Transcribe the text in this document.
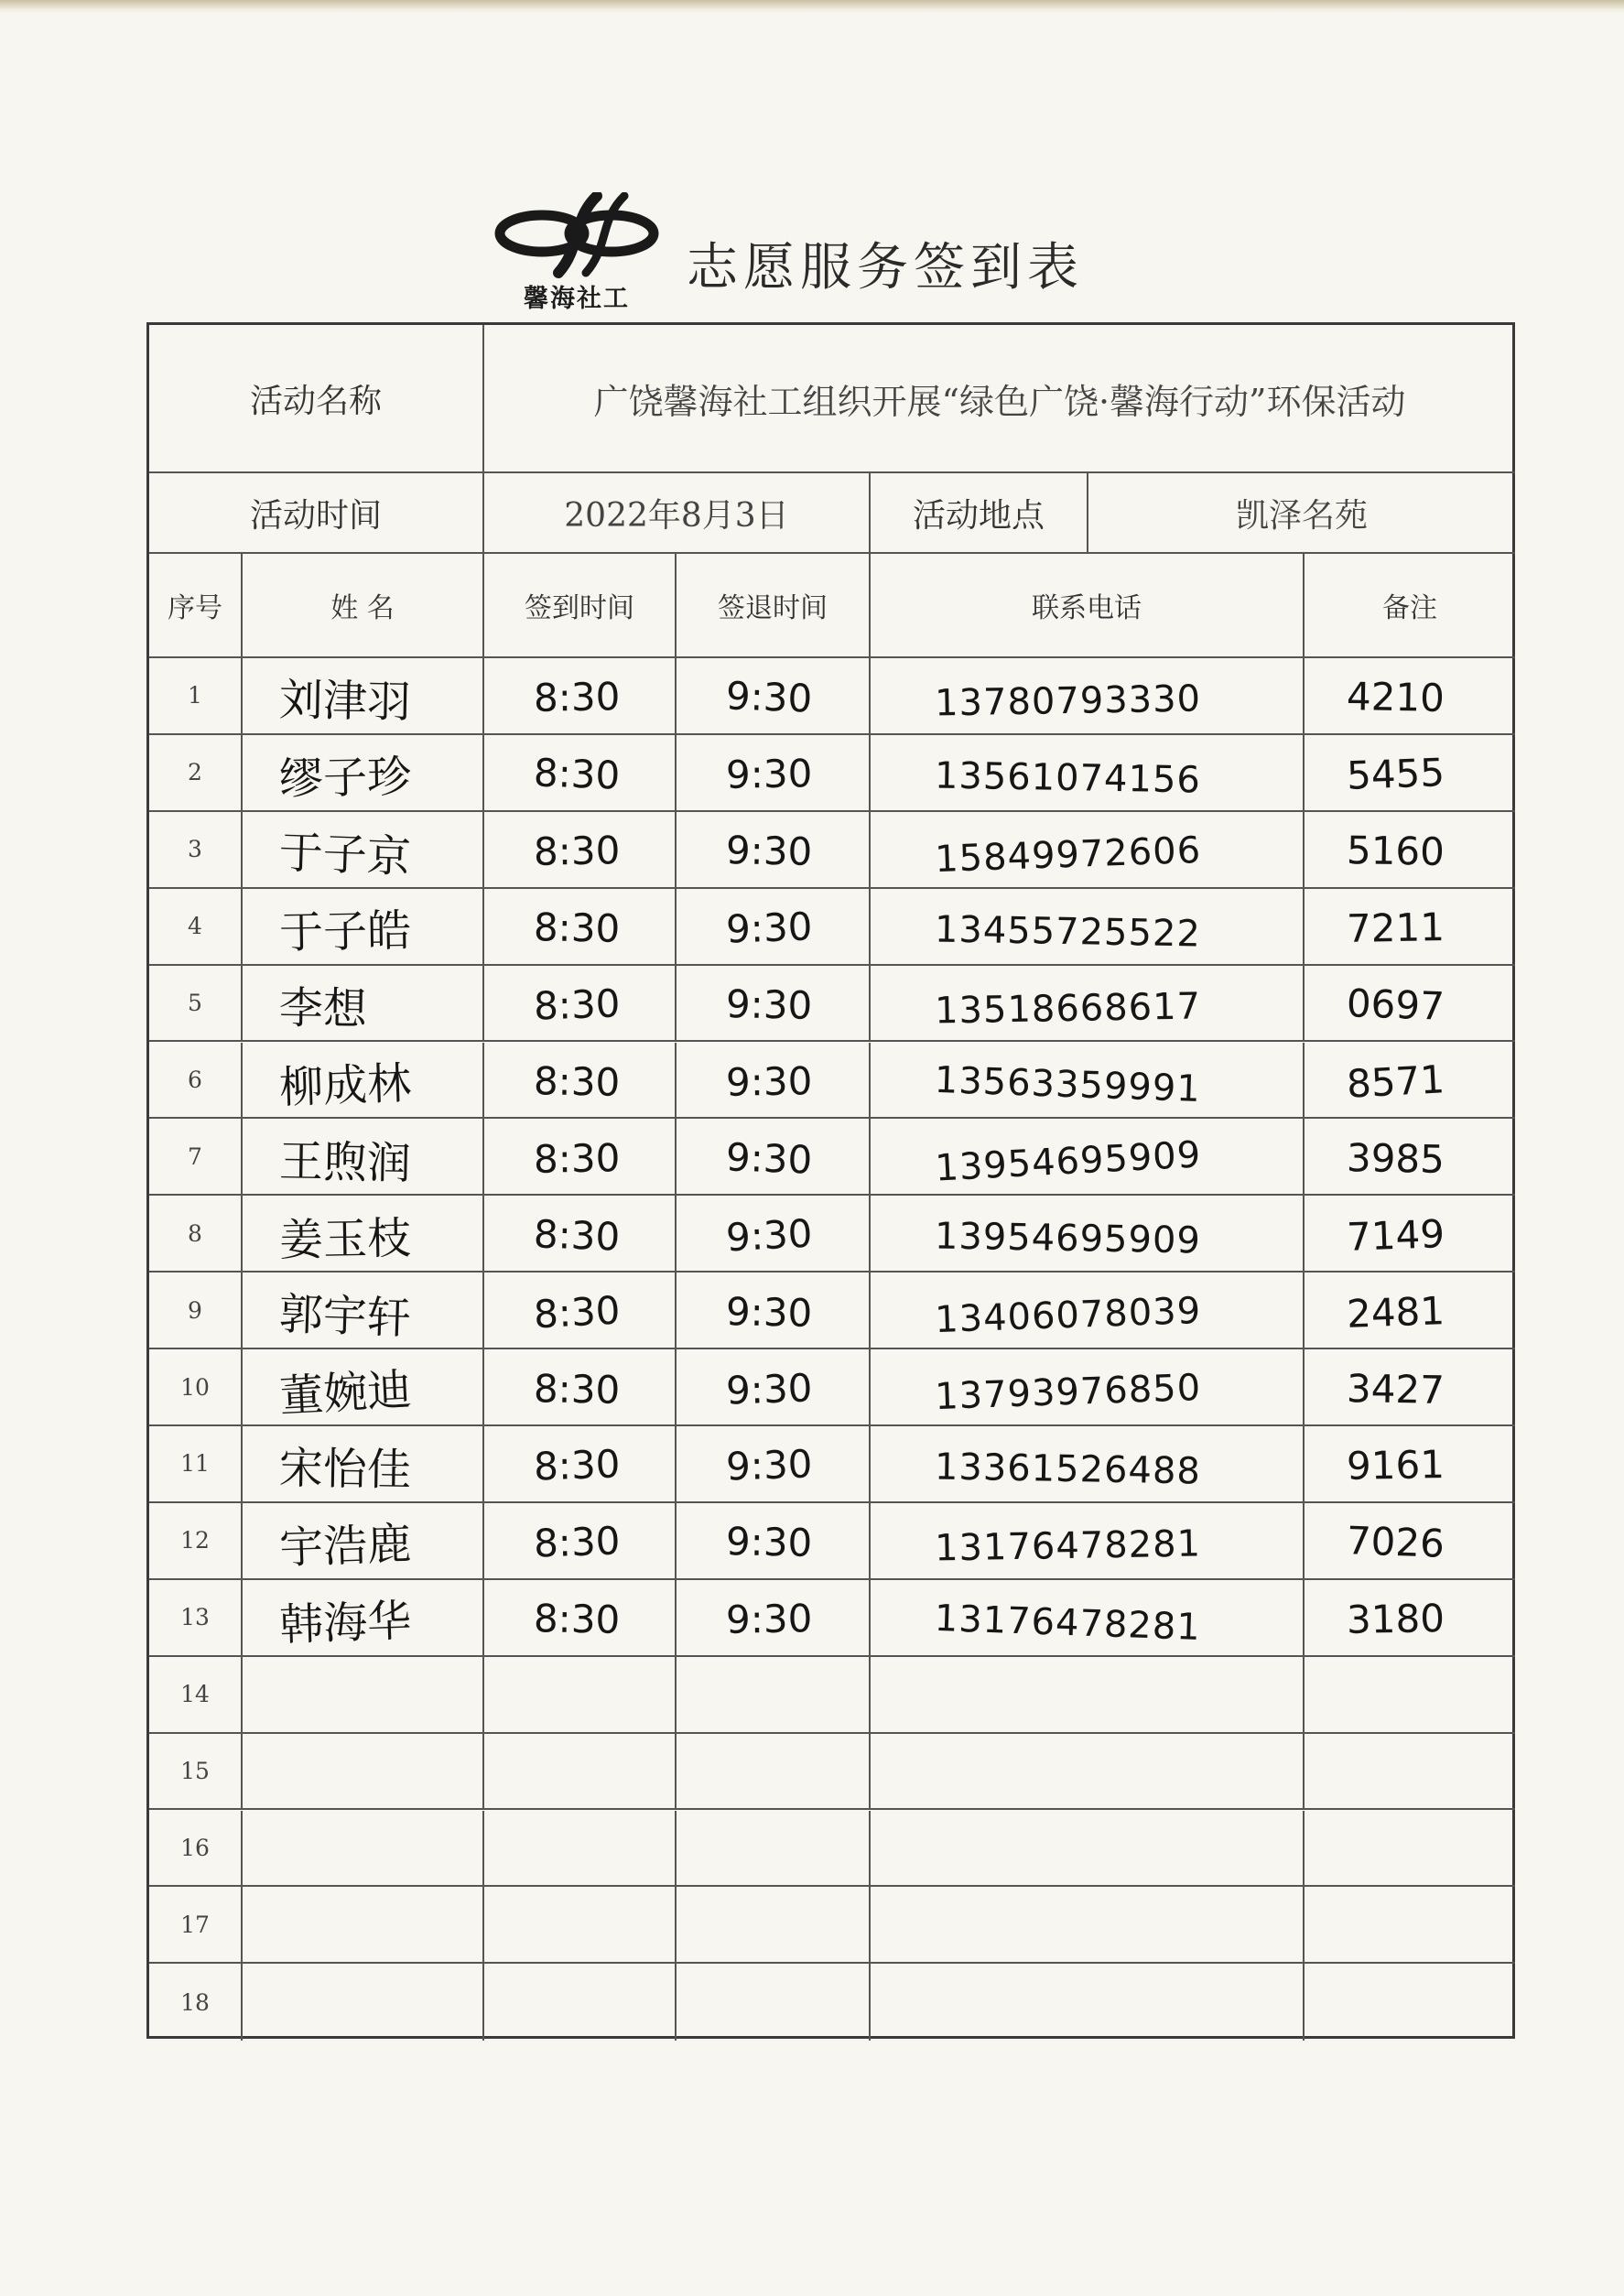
馨海社工
志愿服务签到表
活动名称	广饶馨海社工组织开展“绿色广饶·馨海行动”环保活动
活动时间	2022年8月3日	活动地点	凯泽名苑
序号	姓 名	签到时间	签退时间	联系电话	备注
1 刘津羽	8:30	9:30	13780793330	4210
2 缪子珍	8:30	9:30	13561074156	5455
3 于子京	8:30	9:30	15849972606	5160
4 于子皓	8:30	9:30	13455725522	7211
5 李想	8:30	9:30	13518668617	0697
6 柳成林	8:30	9:30	13563359991	8571
7 王煦润	8:30	9:30	13954695909	3985
8 姜玉枝	8:30	9:30	13954695909	7149
9 郭宇轩	8:30	9:30	13406078039	2481
10 董婉迪	8:30	9:30	13793976850	3427
11 宋怡佳	8:30	9:30	13361526488	9161
12 宇浩鹿	8:30	9:30	13176478281	7026
13 韩海华	8:30	9:30	13176478281	3180
14
15
16
17
18
